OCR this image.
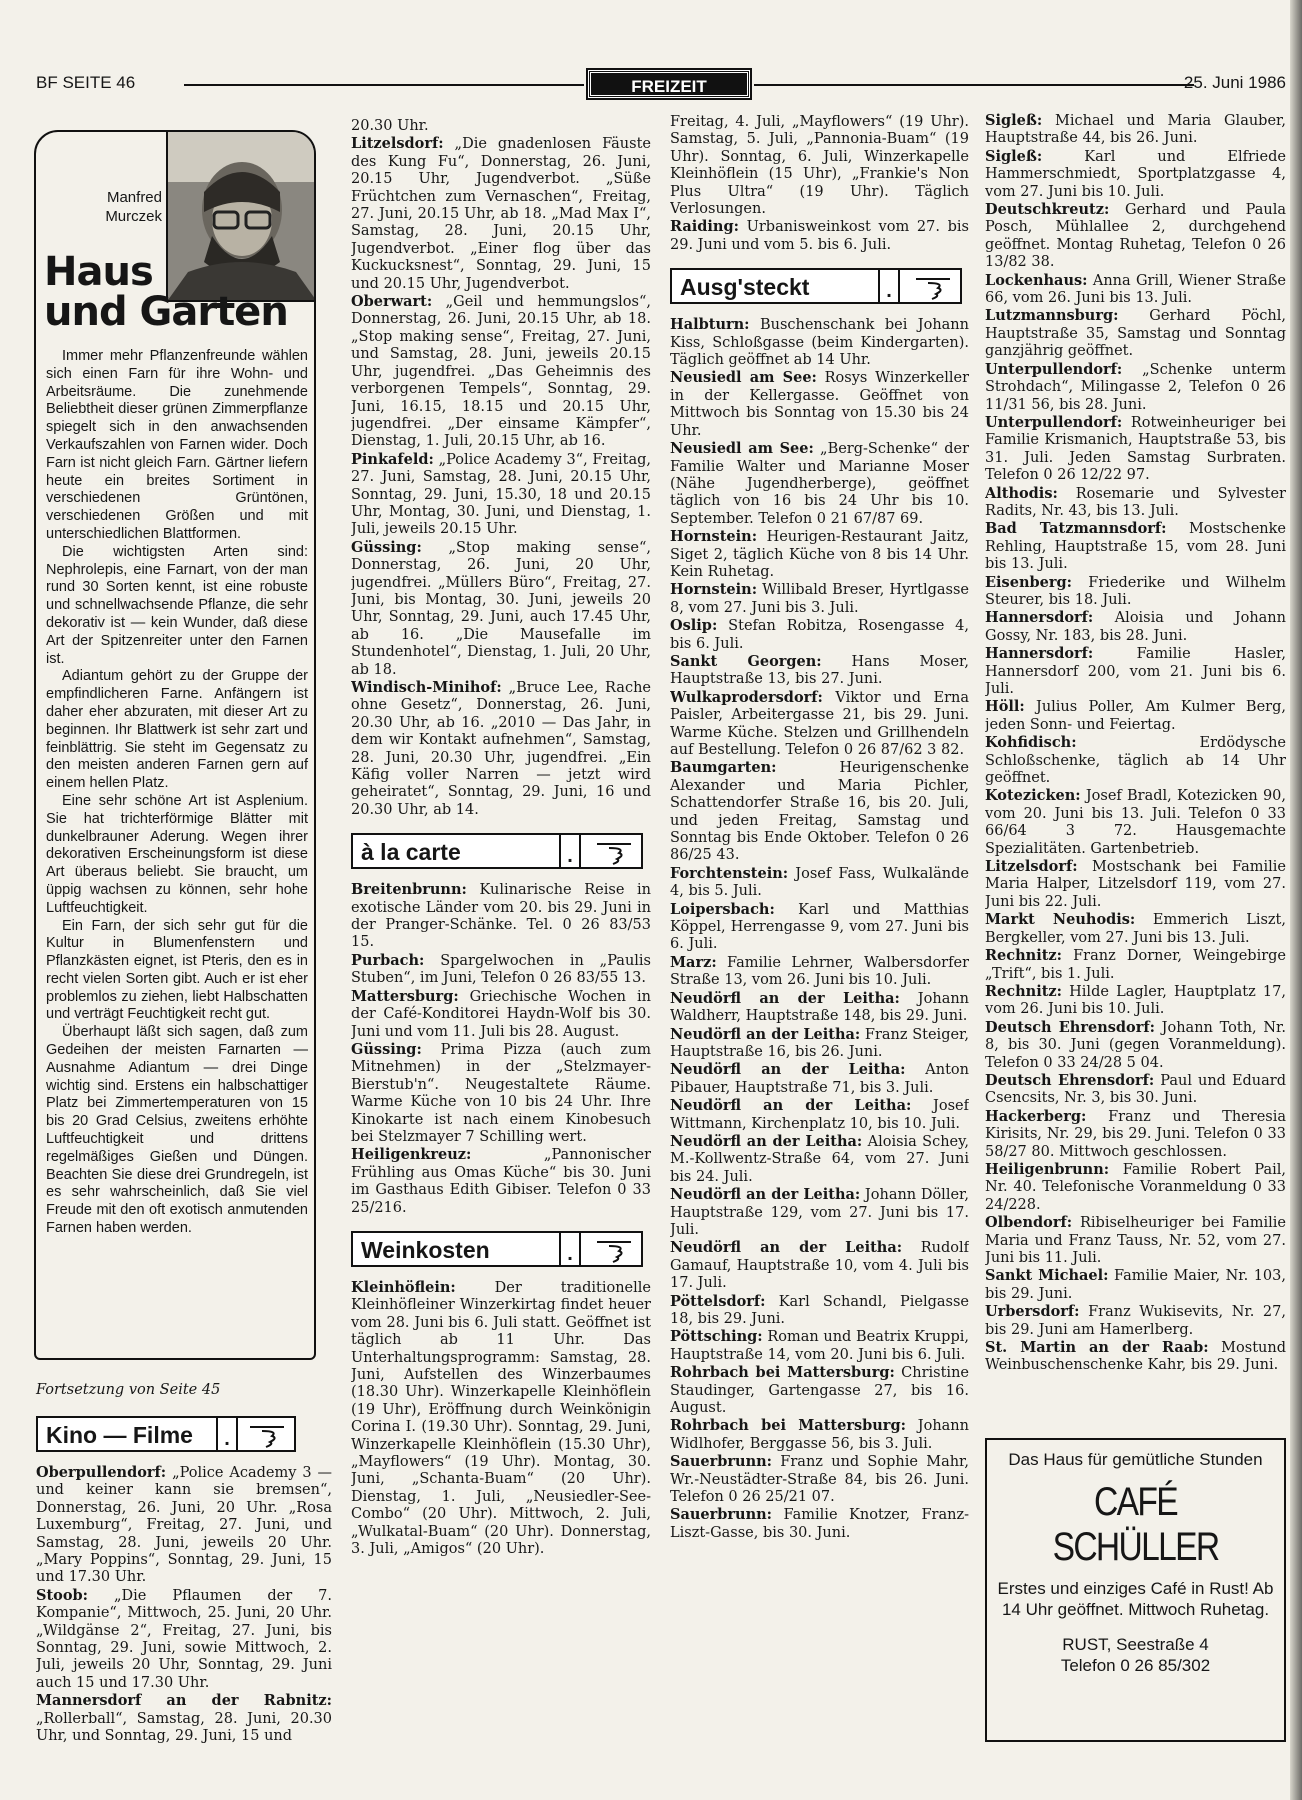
BF SEITE 46	FREIZEIT	25. Juni 1986
Manfred Murczek
Haus
und Garten

Immer mehr Pflanzenfreunde wählen sich einen Farn für ihre Wohn- und Arbeitsräume. Die zunehmende Beliebtheit dieser grünen Zimmerpflanze spiegelt sich in den anwachsenden Verkaufszahlen von Farnen wider. Doch Farn ist nicht gleich Farn. Gärtner liefern heute ein breites Sortiment in verschiedenen Grüntönen, verschiedenen Größen und mit unterschiedlichen Blattformen.

Die wichtigsten Arten sind: Nephrolepis, eine Farnart, von der man rund 30 Sorten kennt, ist eine robuste und schnellwachsende Pflanze, die sehr dekorativ ist — kein Wunder, daß diese Art der Spitzenreiter unter den Farnen ist.

Adiantum gehört zu der Gruppe der empfindlicheren Farne. Anfängern ist daher eher abzuraten, mit dieser Art zu beginnen. Ihr Blattwerk ist sehr zart und feinblättrig. Sie steht im Gegensatz zu den meisten anderen Farnen gern auf einem hellen Platz.

Eine sehr schöne Art ist Asplenium. Sie hat trichterförmige Blätter mit dunkelbrauner Aderung. Wegen ihrer dekorativen Erscheinungsform ist diese Art überaus beliebt. Sie braucht, um üppig wachsen zu können, sehr hohe Luftfeuchtigkeit.

Ein Farn, der sich sehr gut für die Kultur in Blumenfenstern und Pflanzkästen eignet, ist Pteris, den es in recht vielen Sorten gibt. Auch er ist eher problemlos zu ziehen, liebt Halbschatten und verträgt Feuchtigkeit recht gut.

Überhaupt läßt sich sagen, daß zum Gedeihen der meisten Farnarten — Ausnahme Adiantum — drei Dinge wichtig sind. Erstens ein halbschattiger Platz bei Zimmertemperaturen von 15 bis 20 Grad Celsius, zweitens erhöhte Luftfeuchtigkeit und drittens regelmäßiges Gießen und Düngen. Beachten Sie diese drei Grundregeln, ist es sehr wahrscheinlich, daß Sie viel Freude mit den oft exotisch anmutenden Farnen haben werden.

Fortsetzung von Seite 45
Kino — Filme	.

Oberpullendorf: „Police Academy 3 — und keiner kann sie bremsen“, Donnerstag, 26. Juni, 20 Uhr. „Rosa Luxemburg“, Freitag, 27. Juni, und Samstag, 28. Juni, jeweils 20 Uhr. „Mary Poppins“, Sonntag, 29. Juni, 15 und 17.30 Uhr.

Stoob: „Die Pflaumen der 7. Kompanie“, Mittwoch, 25. Juni, 20 Uhr. „Wildgänse 2“, Freitag, 27. Juni, bis Sonntag, 29. Juni, sowie Mittwoch, 2. Juli, jeweils 20 Uhr, Sonntag, 29. Juni auch 15 und 17.30 Uhr.

Mannersdorf an der Rabnitz: „Rollerball“, Samstag, 28. Juni, 20.30 Uhr, und Sonntag, 29. Juni, 15 und

20.30 Uhr.

Litzelsdorf: „Die gnadenlosen Fäuste des Kung Fu“, Donnerstag, 26. Juni, 20.15 Uhr, Jugendverbot. „Süße Früchtchen zum Vernaschen“, Freitag, 27. Juni, 20.15 Uhr, ab 18. „Mad Max I“, Samstag, 28. Juni, 20.15 Uhr, Jugendverbot. „Einer flog über das Kuckucksnest“, Sonntag, 29. Juni, 15 und 20.15 Uhr, Jugendverbot.

Oberwart: „Geil und hemmungslos“, Donnerstag, 26. Juni, 20.15 Uhr, ab 18. „Stop making sense“, Freitag, 27. Juni, und Samstag, 28. Juni, jeweils 20.15 Uhr, jugendfrei. „Das Geheimnis des verborgenen Tempels“, Sonntag, 29. Juni, 16.15, 18.15 und 20.15 Uhr, jugendfrei. „Der einsame Kämpfer“, Dienstag, 1. Juli, 20.15 Uhr, ab 16.

Pinkafeld: „Police Academy 3“, Freitag, 27. Juni, Samstag, 28. Juni, 20.15 Uhr, Sonntag, 29. Juni, 15.30, 18 und 20.15 Uhr, Montag, 30. Juni, und Dienstag, 1. Juli, jeweils 20.15 Uhr.

Güssing: „Stop making sense“, Donnerstag, 26. Juni, 20 Uhr, jugendfrei. „Müllers Büro“, Freitag, 27. Juni, bis Montag, 30. Juni, jeweils 20 Uhr, Sonntag, 29. Juni, auch 17.45 Uhr, ab 16. „Die Mausefalle im Stundenhotel“, Dienstag, 1. Juli, 20 Uhr, ab 18.

Windisch-Minihof: „Bruce Lee, Rache ohne Gesetz“, Donnerstag, 26. Juni, 20.30 Uhr, ab 16. „2010 — Das Jahr, in dem wir Kontakt aufnehmen“, Samstag, 28. Juni, 20.30 Uhr, jugendfrei. „Ein Käfig voller Narren — jetzt wird geheiratet“, Sonntag, 29. Juni, 16 und 20.30 Uhr, ab 14.

à la carte	.

Breitenbrunn: Kulinarische Reise in exotische Länder vom 20. bis 29. Juni in der Pranger-Schänke. Tel. 0 26 83/53 15.

Purbach: Spargelwochen in „Paulis Stuben“, im Juni, Telefon 0 26 83/55 13.

Mattersburg: Griechische Wochen in der Café-Konditorei Haydn-Wolf bis 30. Juni und vom 11. Juli bis 28. August.

Güssing: Prima Pizza (auch zum Mitnehmen) in der „Stelzmayer-Bierstub'n“. Neugestaltete Räume. Warme Küche von 10 bis 24 Uhr. Ihre Kinokarte ist nach einem Kinobesuch bei Stelzmayer 7 Schilling wert.

Heiligenkreuz: „Pannonischer Frühling aus Omas Küche“ bis 30. Juni im Gasthaus Edith Gibiser. Telefon 0 33 25/216.

Weinkosten	.

Kleinhöflein: Der traditionelle Kleinhöfleiner Winzerkirtag findet heuer vom 28. Juni bis 6. Juli statt. Geöffnet ist täglich ab 11 Uhr. Das Unterhaltungsprogramm: Samstag, 28. Juni, Aufstellen des Winzerbaumes (18.30 Uhr). Winzerkapelle Kleinhöflein (19 Uhr), Eröffnung durch Weinkönigin Corina I. (19.30 Uhr). Sonntag, 29. Juni, Winzerkapelle Kleinhöflein (15.30 Uhr), „Mayflowers“ (19 Uhr). Montag, 30. Juni, „Schanta-Buam“ (20 Uhr). Dienstag, 1. Juli, „Neusiedler-See-Combo“ (20 Uhr). Mittwoch, 2. Juli, „Wulkatal-Buam“ (20 Uhr). Donnerstag, 3. Juli, „Amigos“ (20 Uhr).

Freitag, 4. Juli, „Mayflowers“ (19 Uhr). Samstag, 5. Juli, „Pannonia-Buam“ (19 Uhr). Sonntag, 6. Juli, Winzerkapelle Kleinhöflein (15 Uhr), „Frankie's Non Plus Ultra“ (19 Uhr). Täglich Verlosungen.

Raiding: Urbanisweinkost vom 27. bis 29. Juni und vom 5. bis 6. Juli.

Ausg'steckt	.

Halbturn: Buschenschank bei Johann Kiss, Schloßgasse (beim Kindergarten). Täglich geöffnet ab 14 Uhr.

Neusiedl am See: Rosys Winzerkeller in der Kellergasse. Geöffnet von Mittwoch bis Sonntag von 15.30 bis 24 Uhr.

Neusiedl am See: „Berg-Schenke“ der Familie Walter und Marianne Moser (Nähe Jugendherberge), geöffnet täglich von 16 bis 24 Uhr bis 10. September. Telefon 0 21 67/87 69.

Hornstein: Heurigen-Restaurant Jaitz, Siget 2, täglich Küche von 8 bis 14 Uhr. Kein Ruhetag.

Hornstein: Willibald Breser, Hyrtlgasse 8, vom 27. Juni bis 3. Juli.

Oslip: Stefan Robitza, Rosengasse 4, bis 6. Juli.

Sankt Georgen: Hans Moser, Hauptstraße 13, bis 27. Juni.

Wulkaprodersdorf: Viktor und Erna Paisler, Arbeitergasse 21, bis 29. Juni. Warme Küche. Stelzen und Grillhendeln auf Bestellung. Telefon 0 26 87/62 3 82.

Baumgarten: Heurigenschenke Alexander und Maria Pichler, Schattendorfer Straße 16, bis 20. Juli, und jeden Freitag, Samstag und Sonntag bis Ende Oktober. Telefon 0 26 86/25 43.

Forchtenstein: Josef Fass, Wulkalände 4, bis 5. Juli.

Loipersbach: Karl und Matthias Köppel, Herrengasse 9, vom 27. Juni bis 6. Juli.

Marz: Familie Lehrner, Walbersdorfer Straße 13, vom 26. Juni bis 10. Juli.

Neudörfl an der Leitha: Johann Waldherr, Hauptstraße 148, bis 29. Juni.

Neudörfl an der Leitha: Franz Steiger, Hauptstraße 16, bis 26. Juni.

Neudörfl an der Leitha: Anton Pibauer, Hauptstraße 71, bis 3. Juli.

Neudörfl an der Leitha: Josef Wittmann, Kirchenplatz 10, bis 10. Juli.

Neudörfl an der Leitha: Aloisia Schey, M.-Kollwentz-Straße 64, vom 27. Juni bis 24. Juli.

Neudörfl an der Leitha: Johann Döller, Hauptstraße 129, vom 27. Juni bis 17. Juli.

Neudörfl an der Leitha: Rudolf Gamauf, Hauptstraße 10, vom 4. Juli bis 17. Juli.

Pöttelsdorf: Karl Schandl, Pielgasse 18, bis 29. Juni.

Pöttsching: Roman und Beatrix Kruppi, Hauptstraße 14, vom 20. Juni bis 6. Juli.

Rohrbach bei Mattersburg: Christine Staudinger, Gartengasse 27, bis 16. August.

Rohrbach bei Mattersburg: Johann Widlhofer, Berggasse 56, bis 3. Juli.

Sauerbrunn: Franz und Sophie Mahr, Wr.-Neustädter-Straße 84, bis 26. Juni. Telefon 0 26 25/21 07.

Sauerbrunn: Familie Knotzer, Franz-Liszt-Gasse, bis 30. Juni.

Sigleß: Michael und Maria Glauber, Hauptstraße 44, bis 26. Juni.

Sigleß: Karl und Elfriede Hammerschmiedt, Sportplatzgasse 4, vom 27. Juni bis 10. Juli.

Deutschkreutz: Gerhard und Paula Posch, Mühlallee 2, durchgehend geöffnet. Montag Ruhetag, Telefon 0 26 13/82 38.

Lockenhaus: Anna Grill, Wiener Straße 66, vom 26. Juni bis 13. Juli.

Lutzmannsburg: Gerhard Pöchl, Hauptstraße 35, Samstag und Sonntag ganzjährig geöffnet.

Unterpullendorf: „Schenke unterm Strohdach“, Milingasse 2, Telefon 0 26 11/31 56, bis 28. Juni.

Unterpullendorf: Rotweinheuriger bei Familie Krismanich, Hauptstraße 53, bis 31. Juli. Jeden Samstag Surbraten. Telefon 0 26 12/22 97.

Althodis: Rosemarie und Sylvester Radits, Nr. 43, bis 13. Juli.

Bad Tatzmannsdorf: Mostschenke Rehling, Hauptstraße 15, vom 28. Juni bis 13. Juli.

Eisenberg: Friederike und Wilhelm Steurer, bis 18. Juli.

Hannersdorf: Aloisia und Johann Gossy, Nr. 183, bis 28. Juni.

Hannersdorf: Familie Hasler, Hannersdorf 200, vom 21. Juni bis 6. Juli.

Höll: Julius Poller, Am Kulmer Berg, jeden Sonn- und Feiertag.

Kohfidisch: Erdödysche Schloßschenke, täglich ab 14 Uhr geöffnet.

Kotezicken: Josef Bradl, Kotezicken 90, vom 20. Juni bis 13. Juli. Telefon 0 33 66/64 3 72. Hausgemachte Spezialitäten. Gartenbetrieb.

Litzelsdorf: Mostschank bei Familie Maria Halper, Litzelsdorf 119, vom 27. Juni bis 22. Juli.

Markt Neuhodis: Emmerich Liszt, Bergkeller, vom 27. Juni bis 13. Juli.

Rechnitz: Franz Dorner, Weingebirge „Trift“, bis 1. Juli.

Rechnitz: Hilde Lagler, Hauptplatz 17, vom 26. Juni bis 10. Juli.

Deutsch Ehrensdorf: Johann Toth, Nr. 8, bis 30. Juni (gegen Voranmeldung). Telefon 0 33 24/28 5 04.

Deutsch Ehrensdorf: Paul und Eduard Csencsits, Nr. 3, bis 30. Juni.

Hackerberg: Franz und Theresia Kirisits, Nr. 29, bis 29. Juni. Telefon 0 33 58/27 80. Mittwoch geschlossen.

Heiligenbrunn: Familie Robert Pail, Nr. 40. Telefonische Voranmeldung 0 33 24/228.

Olbendorf: Ribiselheuriger bei Familie Maria und Franz Tauss, Nr. 52, vom 27. Juni bis 11. Juli.

Sankt Michael: Familie Maier, Nr. 103, bis 29. Juni.

Urbersdorf: Franz Wukisevits, Nr. 27, bis 29. Juni am Hamerlberg.

St. Martin an der Raab: Mostund Weinbuschenschenke Kahr, bis 29. Juni.

Das Haus für gemütliche Stunden
CAFÉ SCHÜLLER
Erstes und einziges Café in Rust! Ab 14 Uhr geöffnet. Mittwoch Ruhetag.
RUST, Seestraße 4
Telefon 0 26 85/302
